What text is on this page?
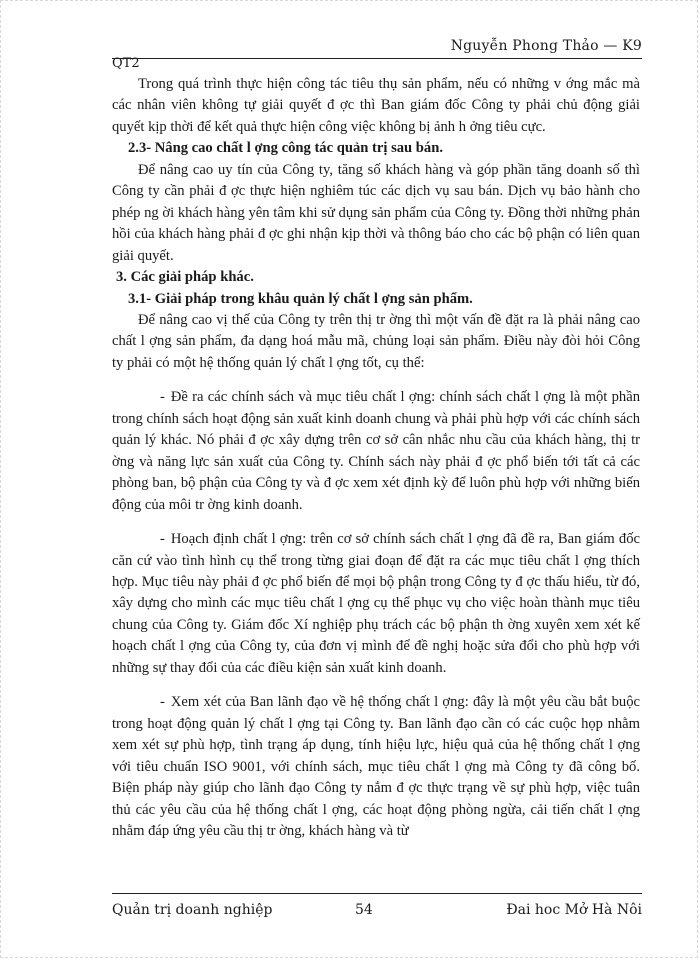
Nguyễn Phong Thảo — K9
QT2

Trong quá trình thực hiện công tác tiêu thụ sản phẩm, nếu có những v ớng mắc mà các nhân viên không tự giải quyết đ ợc thì Ban giám đốc Công ty phải chủ động giải quyết kịp thời để kết quả thực hiện công việc không bị ảnh h ởng tiêu cực.

2.3- Nâng cao chất l ợng công tác quản trị sau bán.

Để nâng cao uy tín của Công ty, tăng số khách hàng và góp phần tăng doanh số thì Công ty cần phải đ ợc thực hiện nghiêm túc các dịch vụ sau bán. Dịch vụ bảo hành cho phép ng ời khách hàng yên tâm khi sử dụng sản phẩm của Công ty. Đồng thời những phản hồi của khách hàng phải đ ợc ghi nhận kịp thời và thông báo cho các bộ phận có liên quan giải quyết.

3. Các giải pháp khác.

3.1- Giải pháp trong khâu quản lý chất l ợng sản phẩm.

Để nâng cao vị thế của Công ty trên thị tr ờng thì một vấn đề đặt ra là phải nâng cao chất l ợng sản phẩm, đa dạng hoá mẫu mã, chủng loại sản phẩm. Điều này đòi hỏi Công ty phải có một hệ thống quản lý chất l ợng tốt, cụ thể:

- Đề ra các chính sách và mục tiêu chất l ợng: chính sách chất l ợng là một phần trong chính sách hoạt động sản xuất kinh doanh chung và phải phù hợp với các chính sách quản lý khác. Nó phải đ ợc xây dựng trên cơ sở cân nhắc nhu cầu của khách hàng, thị tr ờng và năng lực sản xuất của Công ty. Chính sách này phải đ ợc phổ biến tới tất cả các phòng ban, bộ phận của Công ty và đ ợc xem xét định kỳ để luôn phù hợp với những biến động của môi tr ờng kinh doanh.

- Hoạch định chất l ợng: trên cơ sở chính sách chất l ợng đã đề ra, Ban giám đốc căn cứ vào tình hình cụ thể trong từng giai đoạn để đặt ra các mục tiêu chất l ợng thích hợp. Mục tiêu này phải đ ợc phổ biến để mọi bộ phận trong Công ty đ ợc thấu hiểu, từ đó, xây dựng cho mình các mục tiêu chất l ợng cụ thể phục vụ cho việc hoàn thành mục tiêu chung của Công ty. Giám đốc Xí nghiệp phụ trách các bộ phận th ờng xuyên xem xét kế hoạch chất l ợng của Công ty, của đơn vị mình để đề nghị hoặc sửa đổi cho phù hợp với những sự thay đổi của các điều kiện sản xuất kinh doanh.

- Xem xét của Ban lãnh đạo về hệ thống chất l ợng: đây là một yêu cầu bắt buộc trong hoạt động quản lý chất l ợng tại Công ty. Ban lãnh đạo cần có các cuộc họp nhằm xem xét sự phù hợp, tình trạng áp dụng, tính hiệu lực, hiệu quả của hệ thống chất l ợng với tiêu chuẩn ISO 9001, với chính sách, mục tiêu chất l ợng mà Công ty đã công bố. Biện pháp này giúp cho lãnh đạo Công ty nắm đ ợc thực trạng về sự phù hợp, việc tuân thủ các yêu cầu của hệ thống chất l ợng, các hoạt động phòng ngừa, cải tiến chất l ợng nhằm đáp ứng yêu cầu thị tr ờng, khách hàng và từ

Quản trị doanh nghiệp	54	Đai hoc Mở Hà Nôi
